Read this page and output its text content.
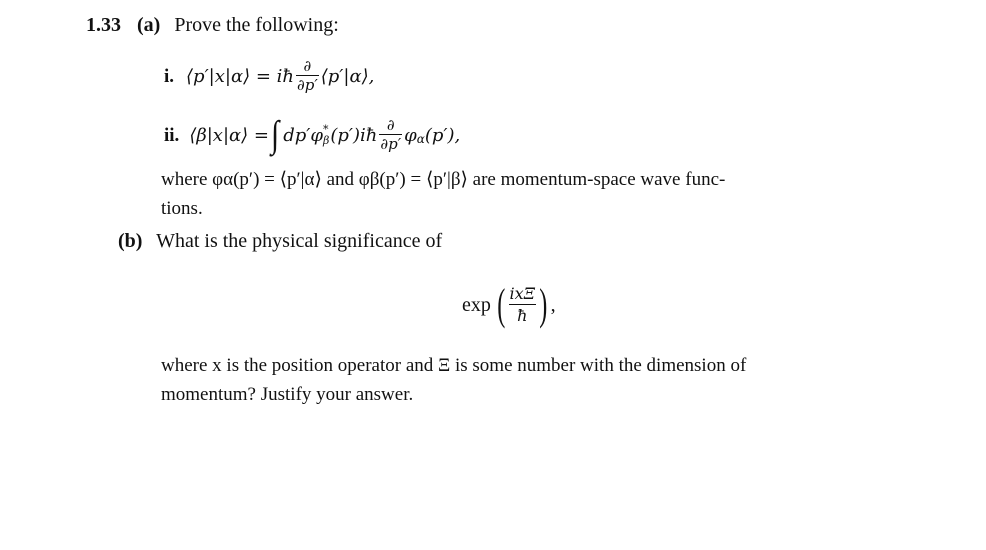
1.33 (a) Prove the following:
i. ⟨p′|x|α⟩ = iħ $\frac{\partial}{\partial p'}$ ⟨p′|α⟩,
ii. ⟨β|x|α⟩ = ∫ dp′φ *
β (p′)iħ $\frac{\partial}{\partial p'}$ φ α (p′),
where φα(p′) = ⟨p′|α⟩ and φβ(p′) = ⟨p′|β⟩ are momentum-space wave func-
tions.
(b) What is the physical significance of
exp ( $\frac{\text{ixΞ}}{ħ}$ ) ,
where x is the position operator and Ξ is some number with the dimension of
momentum? Justify your answer.
